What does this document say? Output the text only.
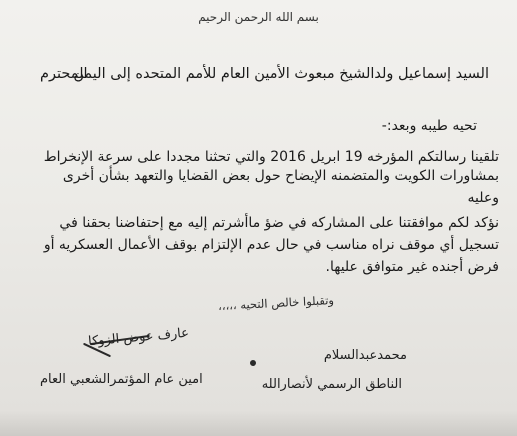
بسم الله الرحمن الرحيم
السيد إسماعيل ولدالشيخ مبعوث الأمين العام للأمم المتحده إلى اليمن
المحترم
تحيه طيبه وبعد:-
تلقينا رسالتكم المؤرخه 19 ابريل 2016 والتي تحثنا مجددا على سرعة الإنخراط
بمشاورات الكويت والمتضمنه الإيضاح حول بعض القضايا والتعهد بشأن أخرى
وعليه
نؤكد لكم موافقتنا على المشاركه في ضؤ ماأشرتم إليه مع إحتفاضنا بحقنا في
تسجيل أي موقف نراه مناسب في حال عدم الإلتزام بوقف الأعمال العسكريه أو
فرض أجنده غير متوافق عليها.
وتقبلوا خالص التحيه ،،،،،
عارف عوض الزوكا
محمدعبدالسلام
امين عام المؤتمرالشعبي العام	الناطق الرسمي لأنصارالله
